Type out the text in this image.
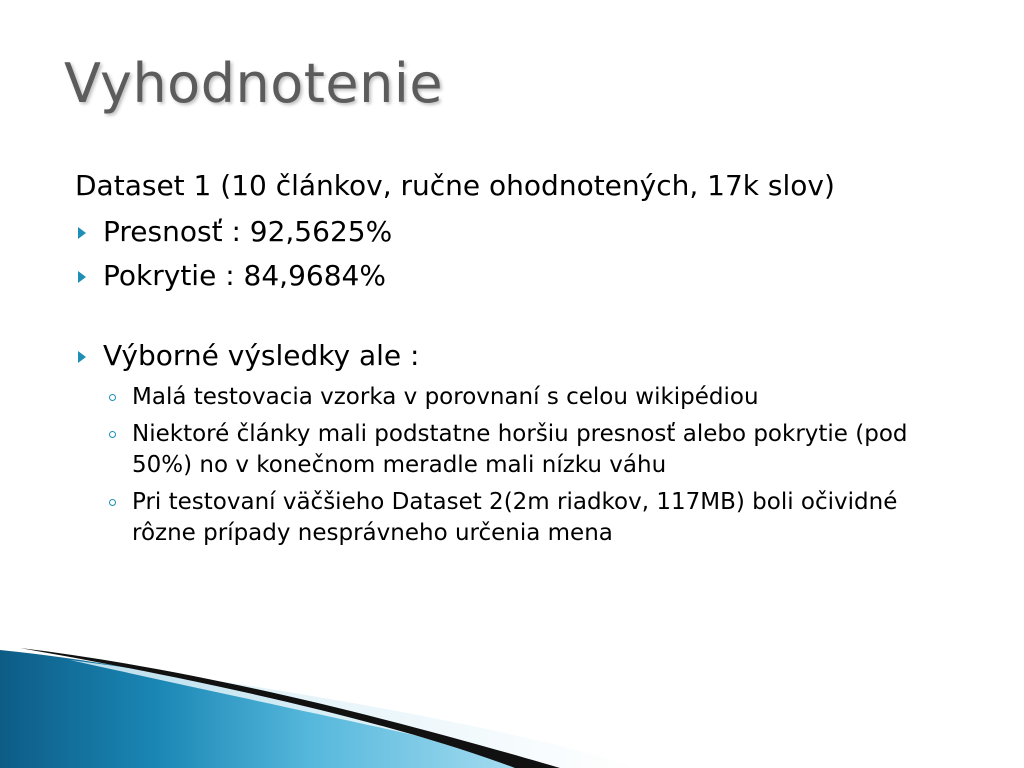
Vyhodnotenie
Dataset 1 (10 článkov, ručne ohodnotených, 17k slov)
Presnosť : 92,5625%
Pokrytie : 84,9684%
Výborné výsledky ale :
Malá testovacia vzorka v porovnaní s celou wikipédiou
Niektoré články mali podstatne horšiu presnosť alebo pokrytie (pod 50%) no v konečnom meradle mali nízku váhu
Pri testovaní väčšieho Dataset 2(2m riadkov, 117MB) boli očividné rôzne prípady nesprávneho určenia mena
